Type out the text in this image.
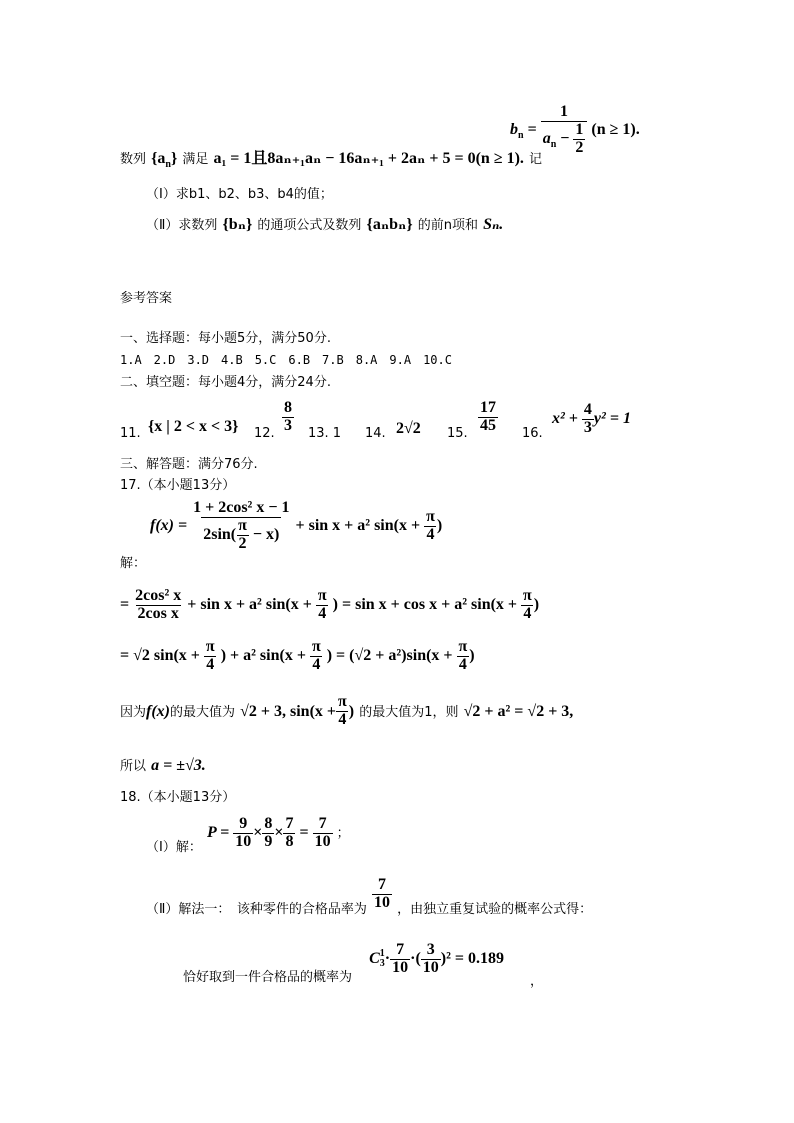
$b_n = \frac{1}{a_n - \frac{1}{2}} (n \ge 1)$.
数列 $\{a_n\}$ 满足 a₁ = 1且8aₙ₊₁aₙ − 16aₙ₊₁ + 2aₙ + 5 = 0(n ≥ 1). 记
（Ⅰ）求b1、b2、b3、b4的值；
（Ⅱ）求数列 {bₙ} 的通项公式及数列 {aₙbₙ} 的前n项和 Sₙ.
参考答案
一、选择题：每小题5分，满分50分.
1.A　2.D　3.D　4.B　5.C　6.B　7.B　8.A　9.A　10.C
二、填空题：每小题4分，满分24分.
11. {x | 2 < x < 3} 12. $\frac{8}{3} 13$. 1 14. 2√2 15. $\frac{17}{45} 16$.
$x^2 + \frac{4}{3} y^2 = 1$
三、解答题：满分76分.
17.（本小题13分）
$f(x) = \frac{\text{1 + 2cos² x − 1}}{2\sin( \frac{\pi}{2} - x)} + \sin x + a^2$ $\sin(x + \frac{\pi}{4}$ )
解：
= $\frac{\text{2cos² x}}{\text{2cos x}} + \sin x + a^2$ $\sin(x + \frac{\pi}{4}$ ) = sin x + cos x + a² $\sin(x + \frac{\pi}{4}$ )
= √2 $\sin(x + \frac{\pi}{4}$ ) + a² $\sin(x + \frac{\pi}{4}$ ) = $(√2 + a^2)\sin(x + \frac{\pi}{4}$ )
因为f(x)的最大值为 √2 + 3, $\sin(x + \frac{\pi}{4}$ ) 的最大值为1，则 √2 + a² = √2 + 3,
所以 a = ±√3.
18.（本小题13分）
$_{(Ⅰ)解:}$ $P = \frac{9}{10} \times \frac{8}{9} \times \frac{7}{8} = \frac{7}{10}$ ；
$_{(Ⅱ)解法一: 该种零件的合格品率为} \frac{7}{10} _{,由独立重复试验的概率公式得:}$
$_{恰好取到一件合格品的概率为}$ C 1
$3 \cdot \frac{7}{10}$ ·( $\frac{3}{10} )^2 = 0.189$ $_,$
